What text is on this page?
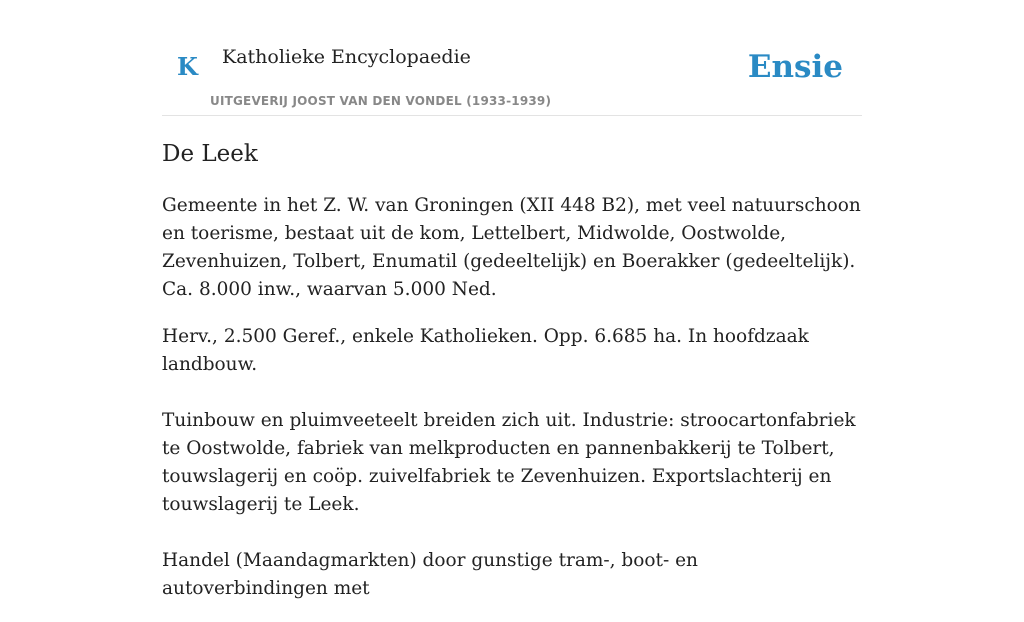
K Katholieke Encyclopaedie
UITGEVERIJ JOOST VAN DEN VONDEL (1933-1939)
Ensie
De Leek

Gemeente in het Z. W. van Groningen (XII 448 B2), met veel natuurschoon en toerisme, bestaat uit de kom, Lettelbert, Midwolde, Oostwolde, Zevenhuizen, Tolbert, Enumatil (gedeeltelijk) en Boerakker (gedeeltelijk). Ca. 8.000 inw., waarvan 5.000 Ned.

Herv., 2.500 Geref., enkele Katholieken. Opp. 6.685 ha. In hoofdzaak landbouw.

Tuinbouw en pluimveeteelt breiden zich uit. Industrie: stroocartonfabriek te Oostwolde, fabriek van melkproducten en pannenbakkerij te Tolbert, touwslagerij en coöp. zuivelfabriek te Zevenhuizen. Exportslachterij en touwslagerij te Leek.

Handel (Maandagmarkten) door gunstige tram-, boot- en autoverbindingen met
